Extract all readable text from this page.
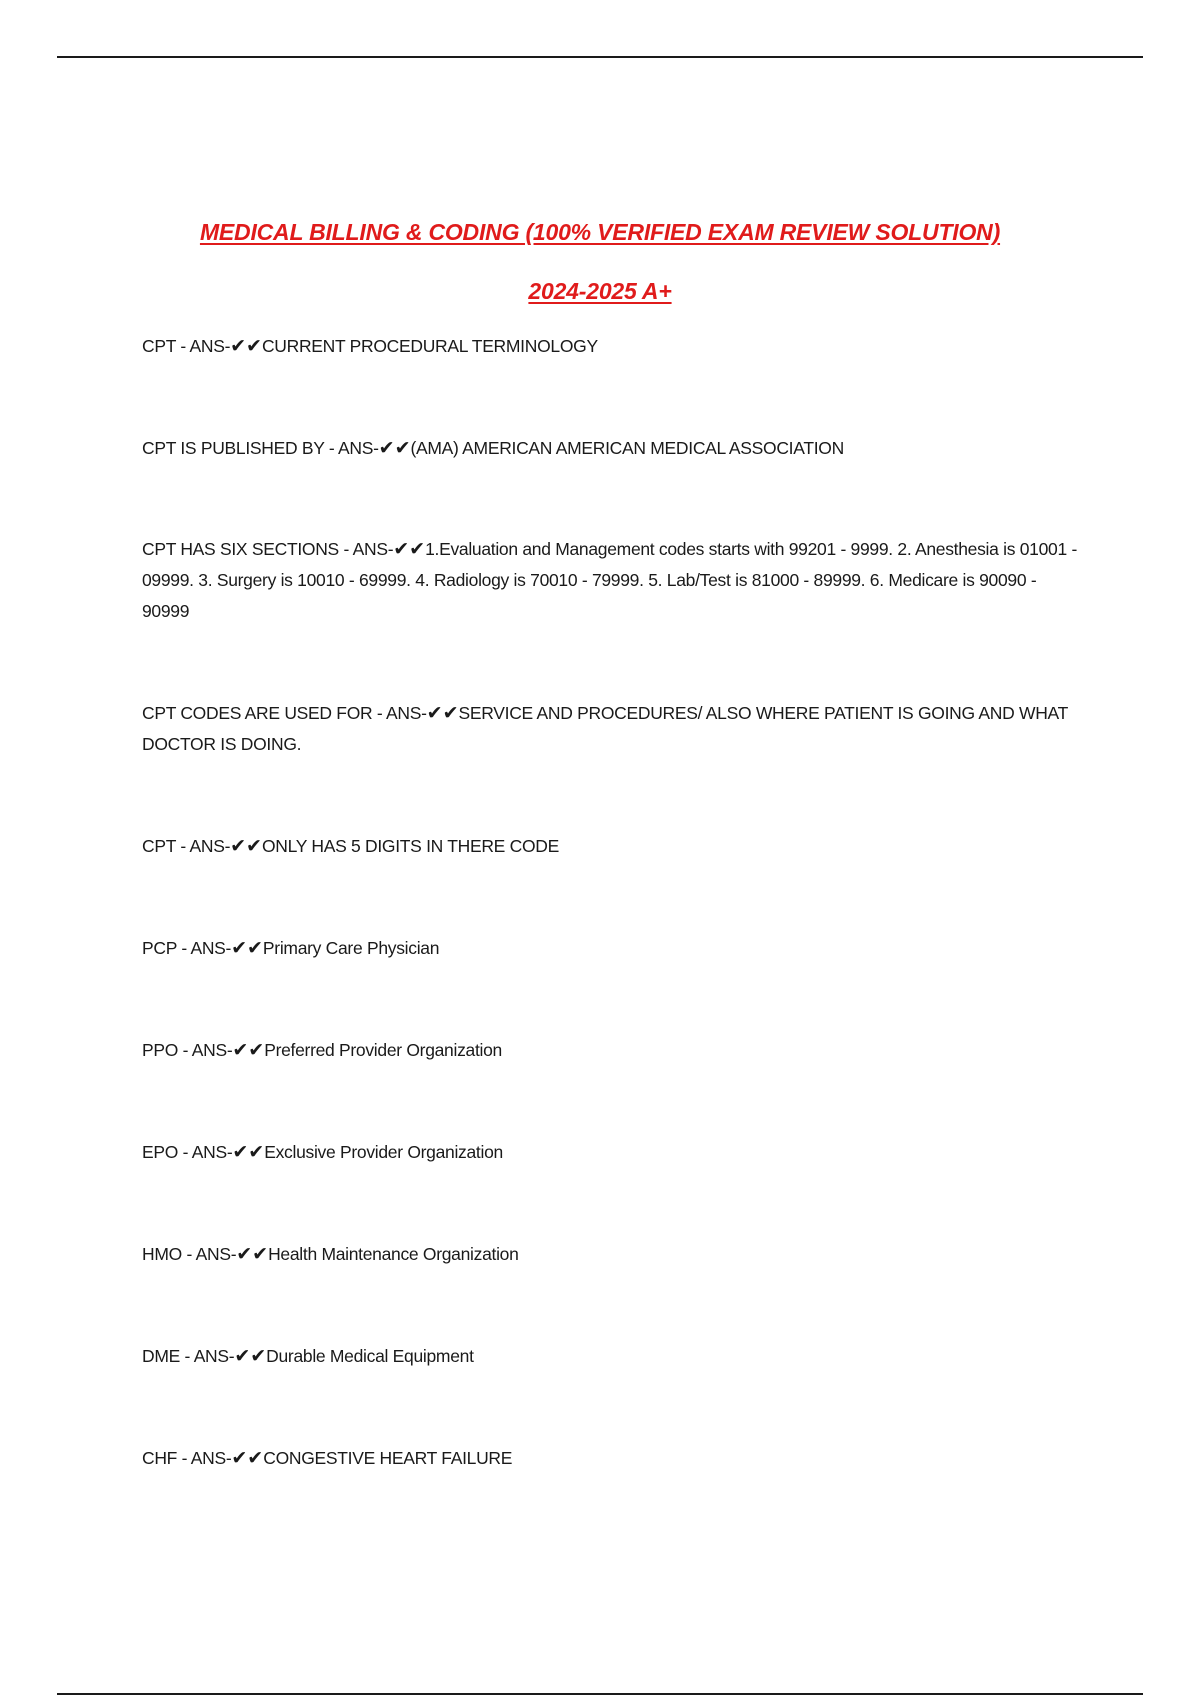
MEDICAL BILLING & CODING (100% VERIFIED EXAM REVIEW SOLUTION)
2024-2025 A+
CPT - ANS-✔✔CURRENT PROCEDURAL TERMINOLOGY
CPT IS PUBLISHED BY - ANS-✔✔(AMA) AMERICAN AMERICAN MEDICAL ASSOCIATION
CPT HAS SIX SECTIONS - ANS-✔✔1.Evaluation and Management codes starts with 99201 - 9999. 2. Anesthesia is 01001 - 09999. 3. Surgery is 10010 - 69999. 4. Radiology is 70010 - 79999. 5. Lab/Test is 81000 - 89999. 6. Medicare is 90090 - 90999
CPT CODES ARE USED FOR - ANS-✔✔SERVICE AND PROCEDURES/ ALSO WHERE PATIENT IS GOING AND WHAT DOCTOR IS DOING.
CPT - ANS-✔✔ONLY HAS 5 DIGITS IN THERE CODE
PCP - ANS-✔✔Primary Care Physician
PPO - ANS-✔✔Preferred Provider Organization
EPO - ANS-✔✔Exclusive Provider Organization
HMO - ANS-✔✔Health Maintenance Organization
DME - ANS-✔✔Durable Medical Equipment
CHF - ANS-✔✔CONGESTIVE HEART FAILURE
